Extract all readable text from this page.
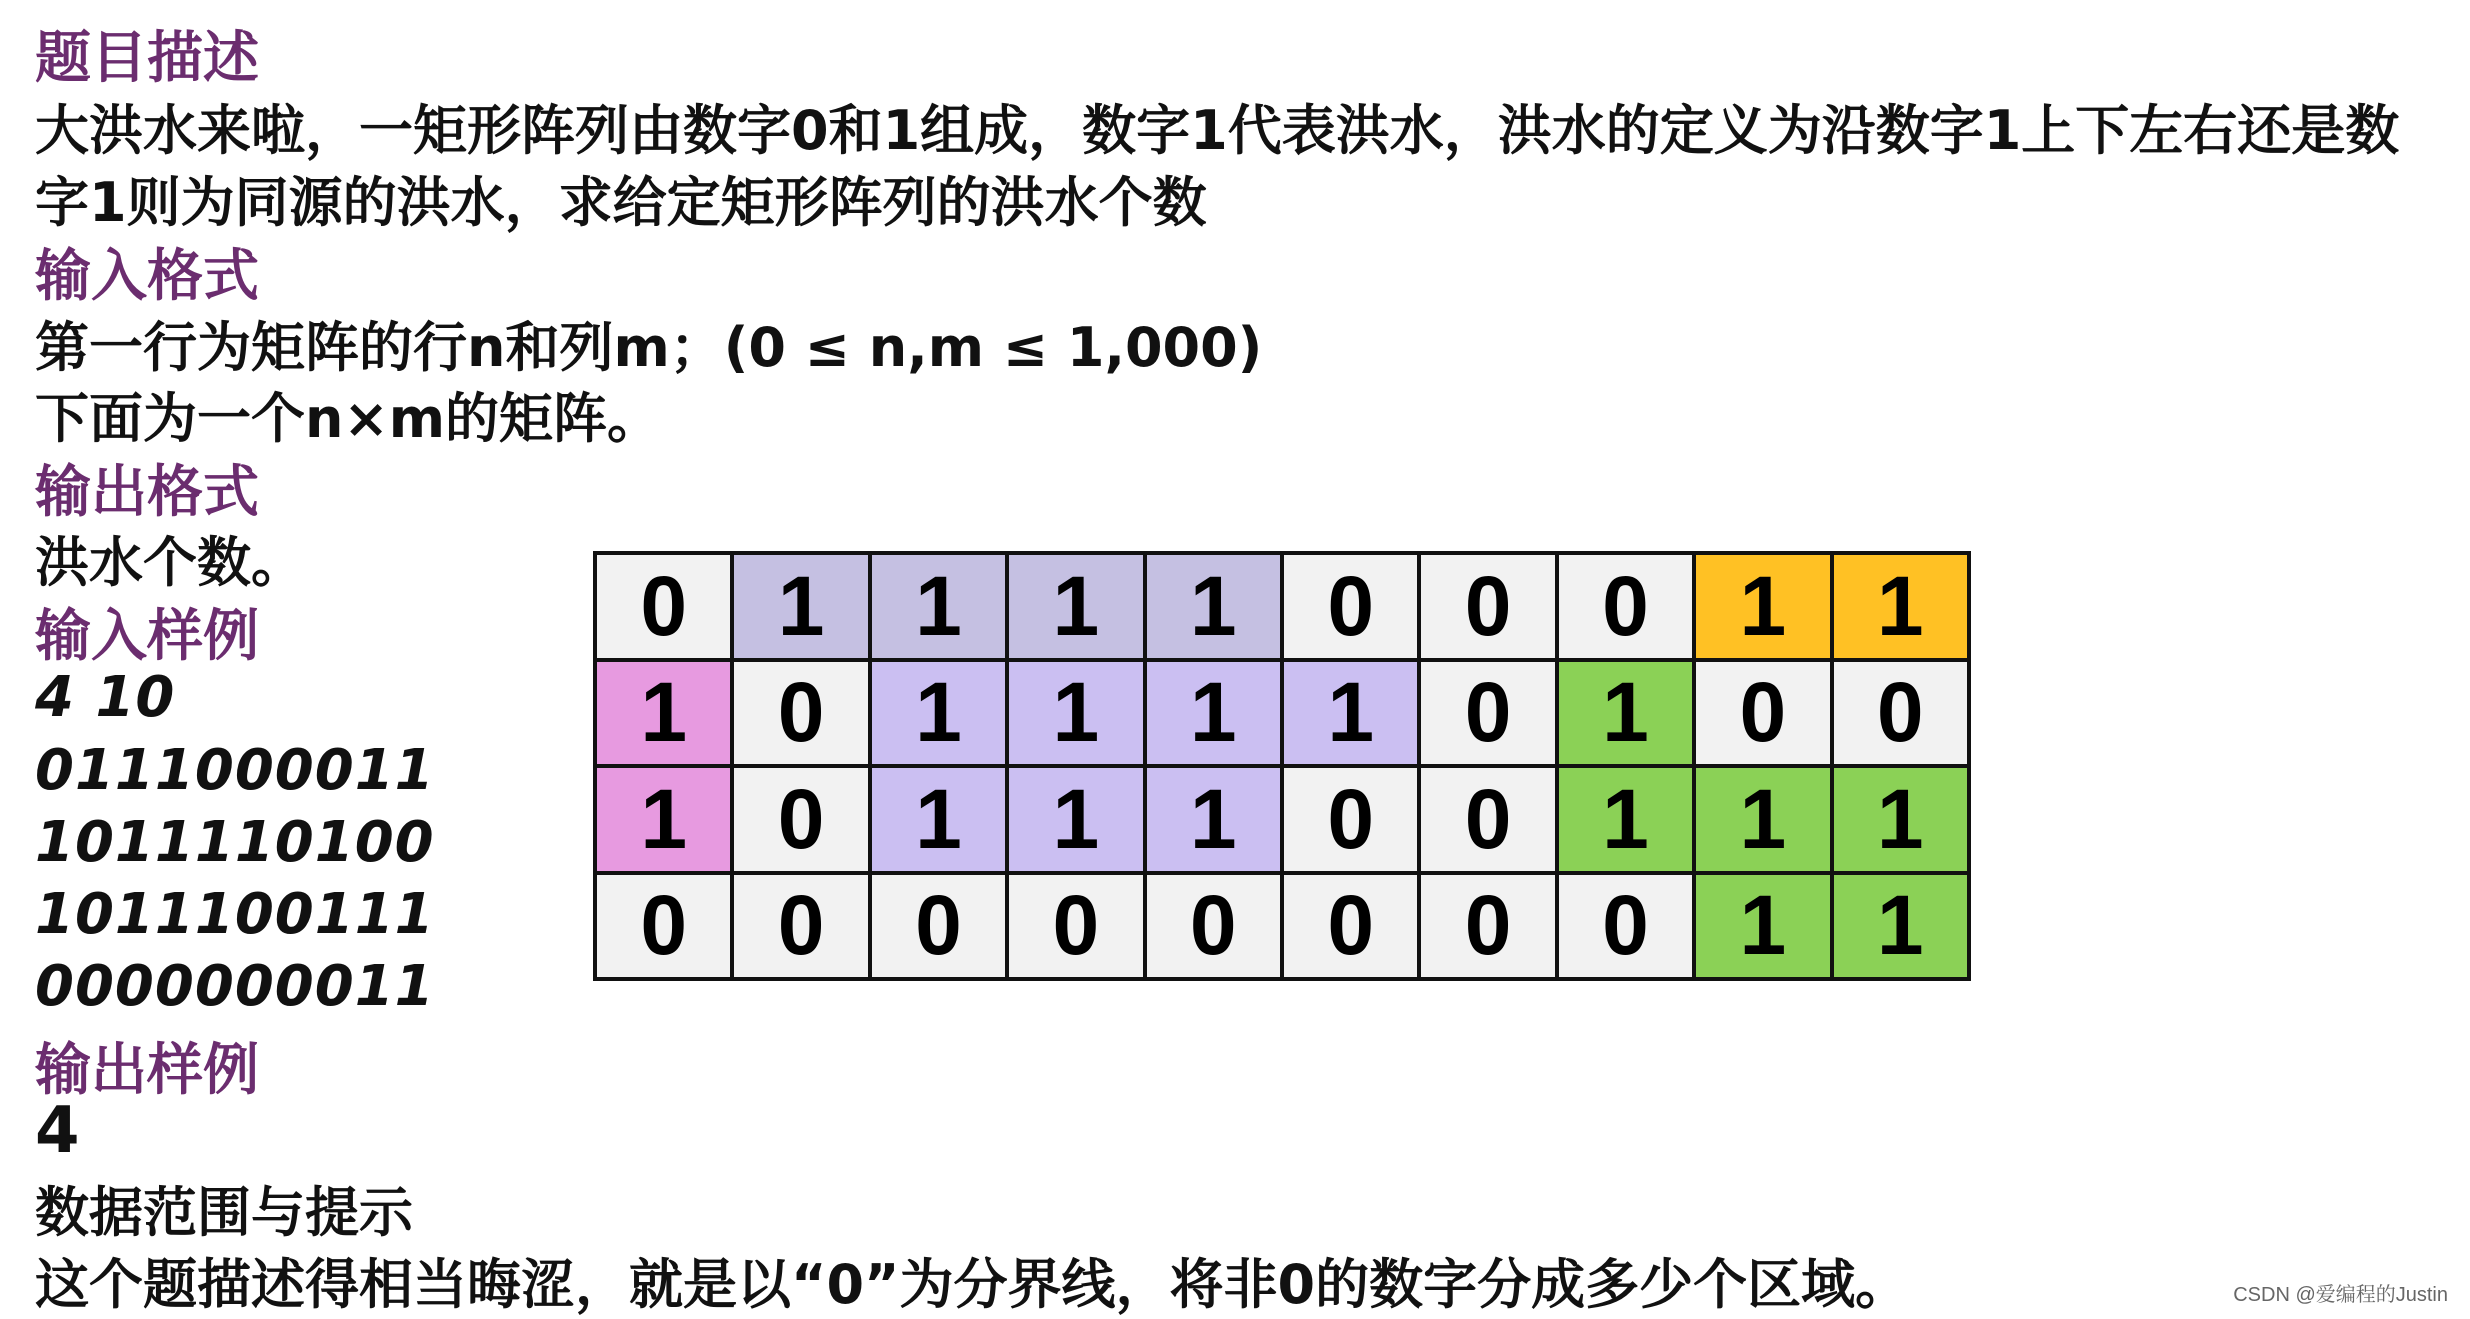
题目描述
大洪水来啦，一矩形阵列由数字0和1组成，数字1代表洪水，洪水的定义为沿数字1上下左右还是数
字1则为同源的洪水，求给定矩形阵列的洪水个数
输入格式
第一行为矩阵的行n和列m；(0 ≤ n,m ≤ 1,000)
下面为一个n×m的矩阵。
输出格式
洪水个数。
输入样例
4 10
0111000011
1011110100
1011100111
0000000011
输出样例
4
数据范围与提示
这个题描述得相当晦涩，就是以“0”为分界线，将非0的数字分成多少个区域。
0	1	1	1	1	0	0	0	1	1
1	0	1	1	1	1	0	1	0	0
1	0	1	1	1	0	0	1	1	1
0	0	0	0	0	0	0	0	1	1
CSDN @爱编程的Justin
